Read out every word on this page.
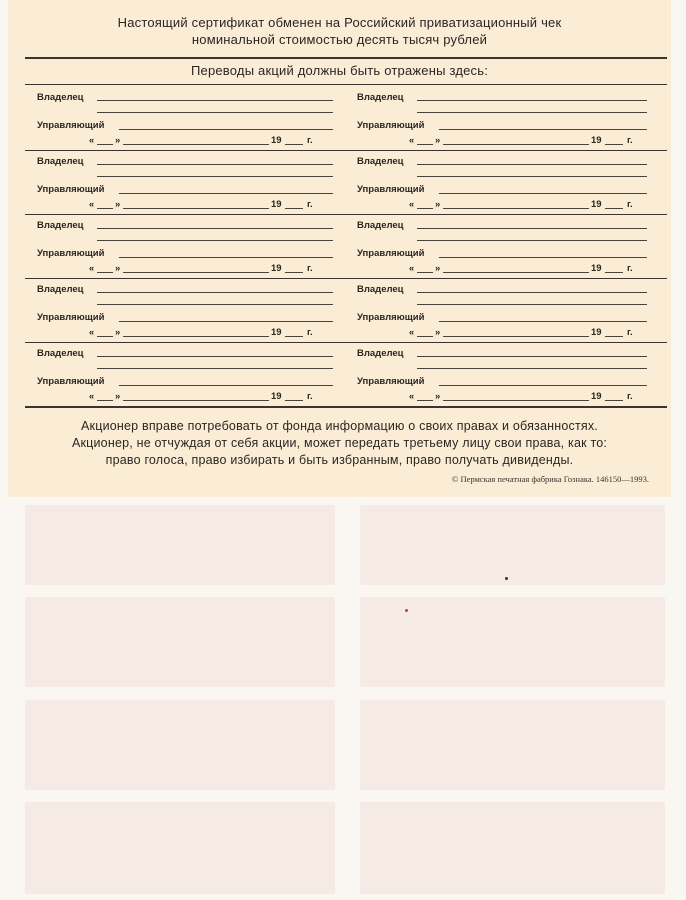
Настоящий сертификат обменен на Российский приватизационный чек
номинальной стоимостью десять тысяч рублей
Переводы акций должны быть отражены здесь:
Владелец
Управляющий
« »	19	г.
Владелец
Управляющий
« »	19	г.
Владелец
Управляющий
« »	19	г.
Владелец
Управляющий
« »	19	г.
Владелец
Управляющий
« »	19	г.
Владелец
Управляющий
« »	19	г.
Владелец
Управляющий
« »	19	г.
Владелец
Управляющий
« »	19	г.
Владелец
Управляющий
« »	19	г.
Владелец
Управляющий
« »	19	г.
Акционер вправе потребовать от фонда информацию о своих правах и обязанностях.
Акционер, не отчуждая от себя акции, может передать третьему лицу свои права, как то:
право голоса, право избирать и быть избранным, право получать дивиденды.
© Пермская печатная фабрика Гознака. 146150—1993.
